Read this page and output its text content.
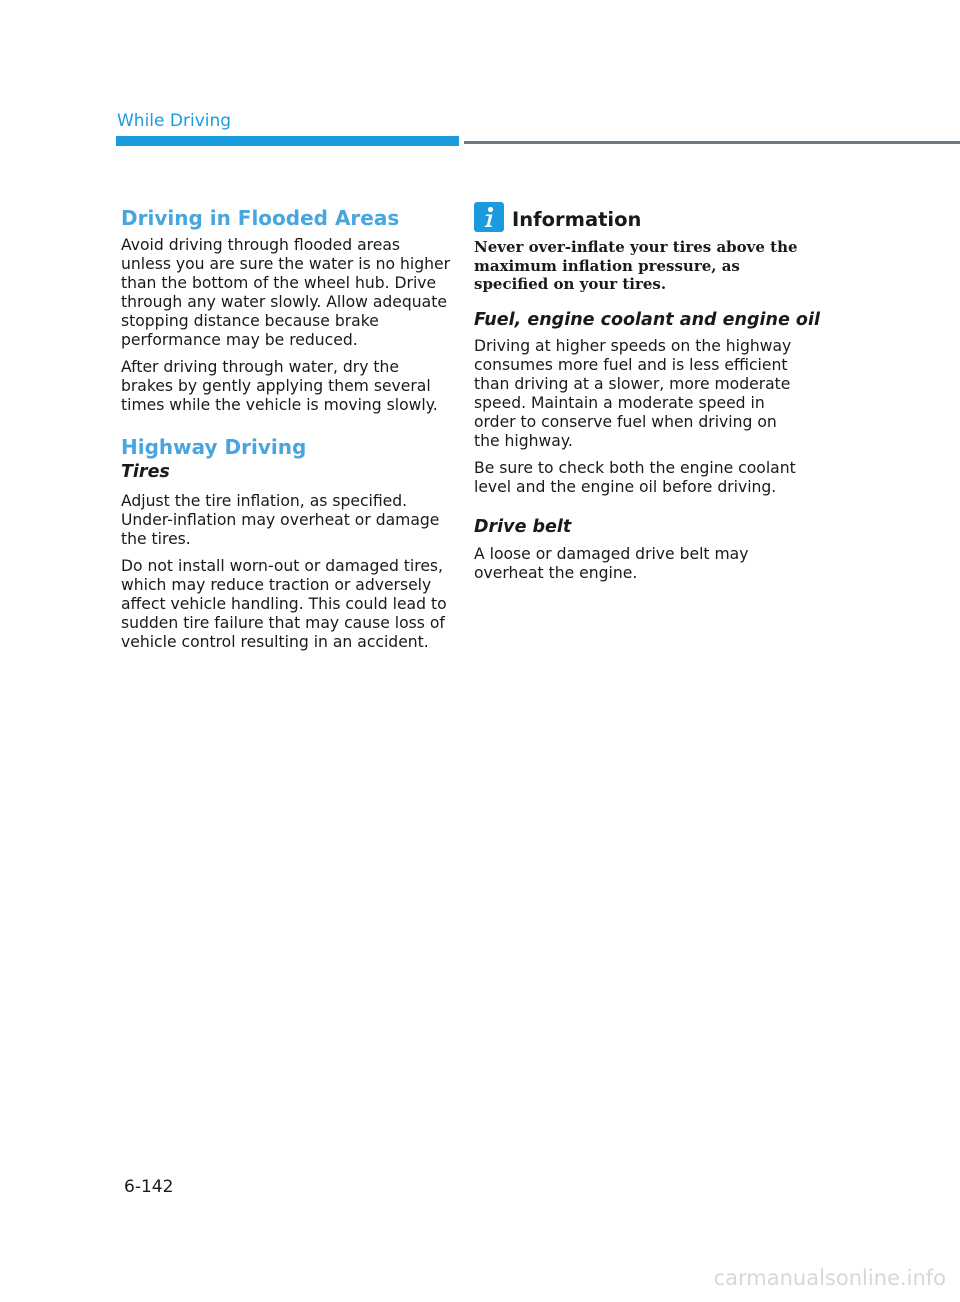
While Driving
Driving in Flooded Areas

Avoid driving through flooded areas unless you are sure the water is no higher than the bottom of the wheel hub. Drive through any water slowly. Allow adequate stopping distance because brake performance may be reduced.

After driving through water, dry the brakes by gently applying them several times while the vehicle is moving slowly.

Highway Driving
Tires

Adjust the tire inflation, as specified. Under-inflation may overheat or damage the tires.

Do not install worn-out or damaged tires, which may reduce traction or adversely affect vehicle handling. This could lead to sudden tire failure that may cause loss of vehicle control resulting in an accident.

Information

Never over-inflate your tires above the maximum inflation pressure, as specified on your tires.

Fuel, engine coolant and engine oil

Driving at higher speeds on the highway consumes more fuel and is less efficient than driving at a slower, more moderate speed. Maintain a moderate speed in order to conserve fuel when driving on the highway.

Be sure to check both the engine coolant level and the engine oil before driving.

Drive belt

A loose or damaged drive belt may overheat the engine.

6-142
carmanualsonline.info
